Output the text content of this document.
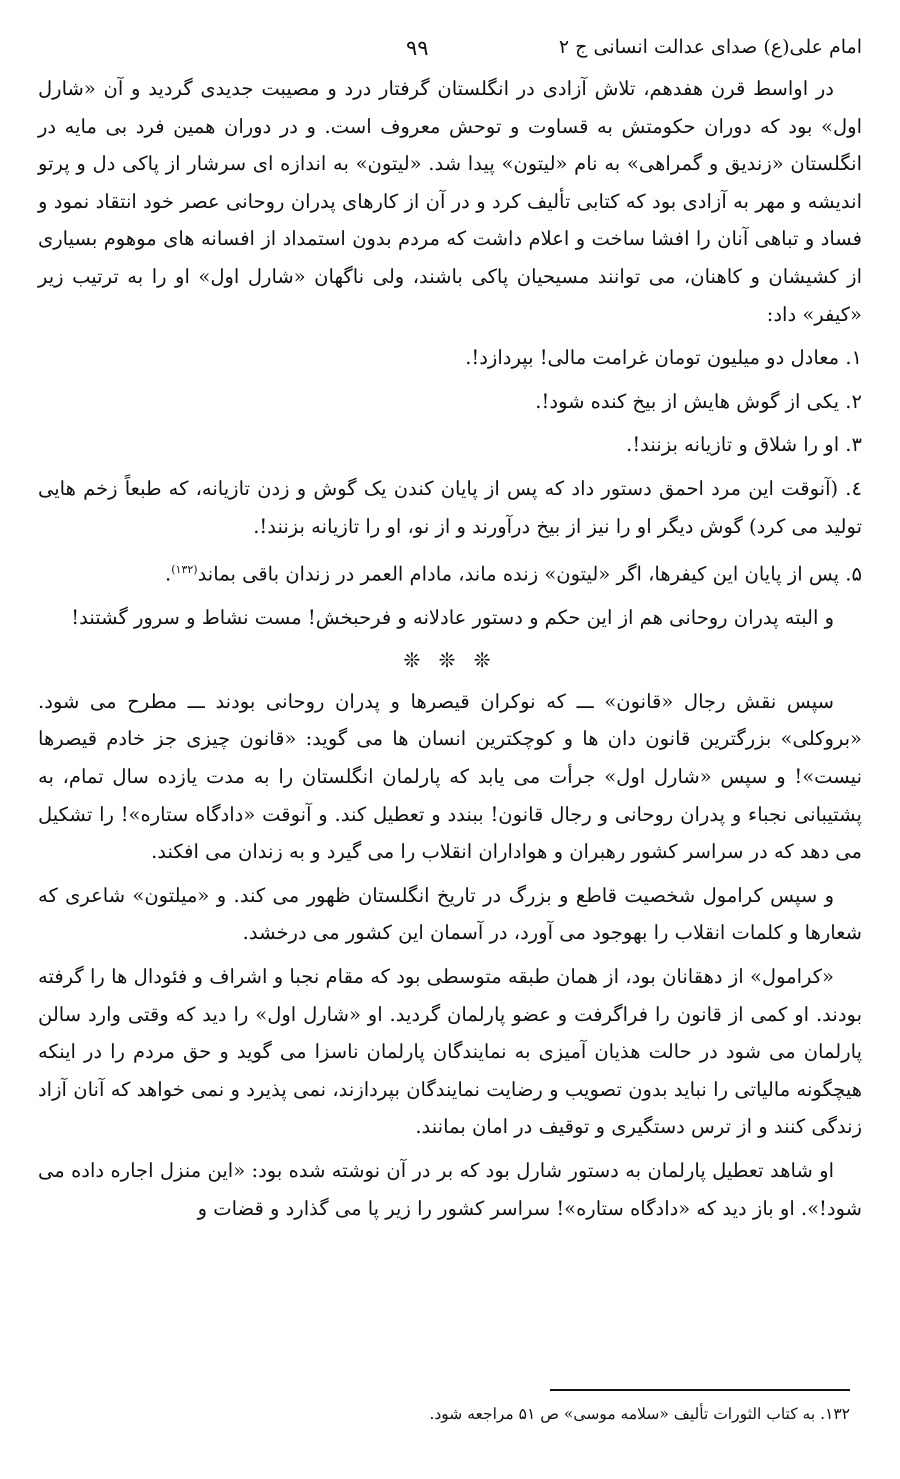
امام علی(ع) صدای عدالت انسانی ج ۲
۹۹

در اواسط قرن هفدهم، تلاش آزادی در انگلستان گرفتار درد و مصیبت جدیدی گردید و آن «شارل اول» بود که دوران حکومتش به قساوت و توحش معروف است. و در دوران همین فرد بی مایه در انگلستان «زندیق و گمراهی» به نام «لیتون» پیدا شد. «لیتون» به اندازه ای سرشار از پاکی دل و پرتو اندیشه و مهر به آزادی بود که کتابی تألیف کرد و در آن از کارهای پدران روحانی عصر خود انتقاد نمود و فساد و تباهی آنان را افشا ساخت و اعلام داشت که مردم بدون استمداد از افسانه های موهوم بسیاری از کشیشان و کاهنان، می توانند مسیحیان پاکی باشند، ولی ناگهان «شارل اول» او را به ترتیب زیر «کیفر» داد:

۱. معادل دو میلیون تومان غرامت مالی! بپردازد!.

۲. یکی از گوش هایش از بیخ کنده شود!.

۳. او را شلاق و تازیانه بزنند!.

٤. (آنوقت این مرد احمق دستور داد که پس از پایان کندن یک گوش و زدن تازیانه، که طبعاً زخم هایی تولید می کرد) گوش دیگر او را نیز از بیخ درآورند و از نو، او را تازیانه بزنند!.

۵. پس از پایان این کیفرها، اگر «لیتون» زنده ماند، مادام العمر در زندان باقی بماند$^{(۱۳۲)}$.

و البته پدران روحانی هم از این حکم و دستور عادلانه و فرحبخش! مست نشاط و سرور گشتند!

❊ ❊ ❊

سپس نقش رجال «قانون» ـــ که نوکران قیصرها و پدران روحانی بودند ـــ مطرح می شود. «بروکلی» بزرگترین قانون دان ها و کوچکترین انسان ها می گوید: «قانون چیزی جز خادم قیصرها نیست»! و سپس «شارل اول» جرأت می یابد که پارلمان انگلستان را به مدت یازده سال تمام، به پشتیبانی نجباء و پدران روحانی و رجال قانون! ببندد و تعطیل کند. و آنوقت «دادگاه ستاره»! را تشکیل می دهد که در سراسر کشور رهبران و هواداران انقلاب را می گیرد و به زندان می افکند.

و سپس کرامول شخصیت قاطع و بزرگ در تاریخ انگلستان ظهور می کند. و «میلتون» شاعری که شعارها و کلمات انقلاب را بهوجود می آورد، در آسمان این کشور می درخشد.

«کرامول» از دهقانان بود، از همان طبقه متوسطی بود که مقام نجبا و اشراف و فئودال ها را گرفته بودند. او کمی از قانون را فراگرفت و عضو پارلمان گردید. او «شارل اول» را دید که وقتی وارد سالن پارلمان می شود در حالت هذیان آمیزی به نمایندگان پارلمان ناسزا می گوید و حق مردم را در اینکه هیچگونه مالیاتی را نباید بدون تصویب و رضایت نمایندگان بپردازند، نمی پذیرد و نمی خواهد که آنان آزاد زندگی کنند و از ترس دستگیری و توقیف در امان بمانند.

او شاهد تعطیل پارلمان به دستور شارل بود که بر در آن نوشته شده بود: «این منزل اجاره داده می شود!». او باز دید که «دادگاه ستاره»! سراسر کشور را زیر پا می گذارد و قضات و

۱۳۲. به کتاب الثورات تألیف «سلامه موسی» ص ۵۱ مراجعه شود.
